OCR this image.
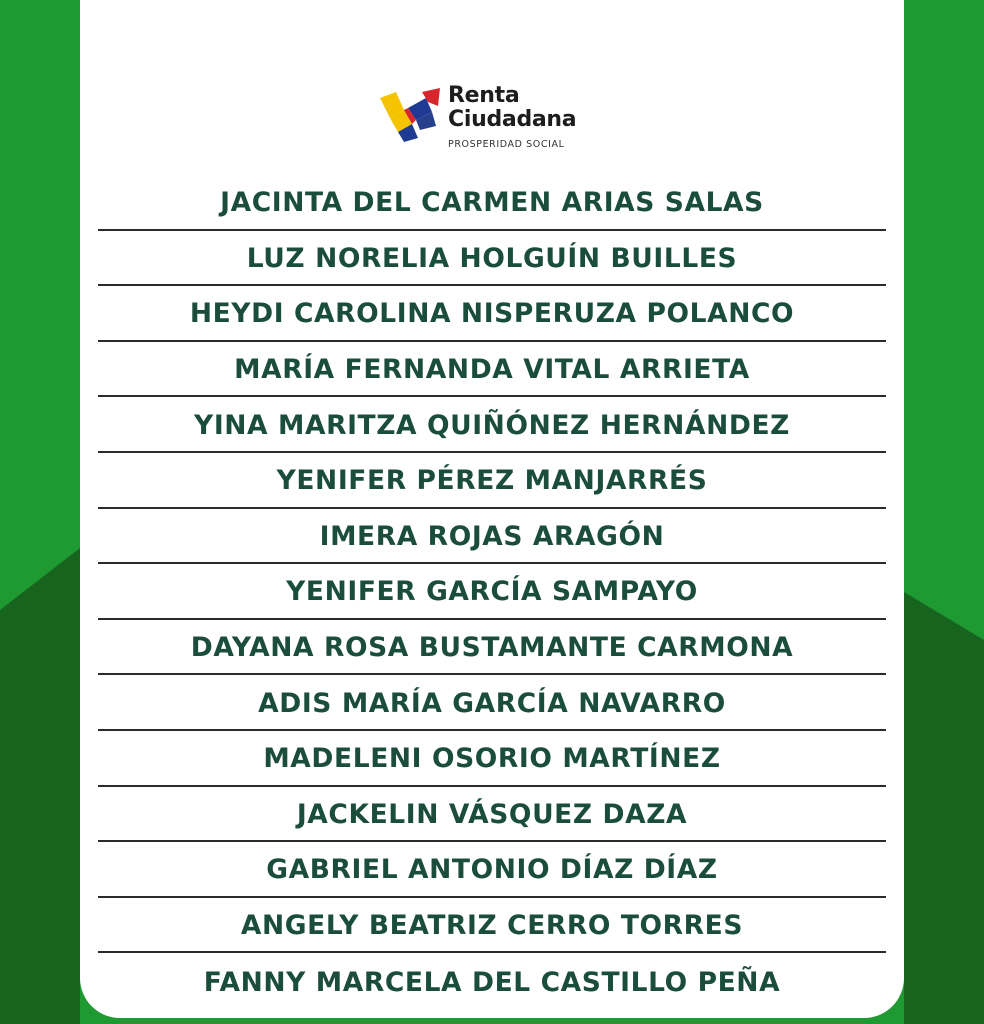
Renta
Ciudadana
PROSPERIDAD SOCIAL
JACINTA DEL CARMEN ARIAS SALAS
LUZ NORELIA HOLGUÍN BUILLES
HEYDI CAROLINA NISPERUZA POLANCO
MARÍA FERNANDA VITAL ARRIETA
YINA MARITZA QUIÑÓNEZ HERNÁNDEZ
YENIFER PÉREZ MANJARRÉS
IMERA ROJAS ARAGÓN
YENIFER GARCÍA SAMPAYO
DAYANA ROSA BUSTAMANTE CARMONA
ADIS MARÍA GARCÍA NAVARRO
MADELENI OSORIO MARTÍNEZ
JACKELIN VÁSQUEZ DAZA
GABRIEL ANTONIO DÍAZ DÍAZ
ANGELY BEATRIZ CERRO TORRES
FANNY MARCELA DEL CASTILLO PEÑA
